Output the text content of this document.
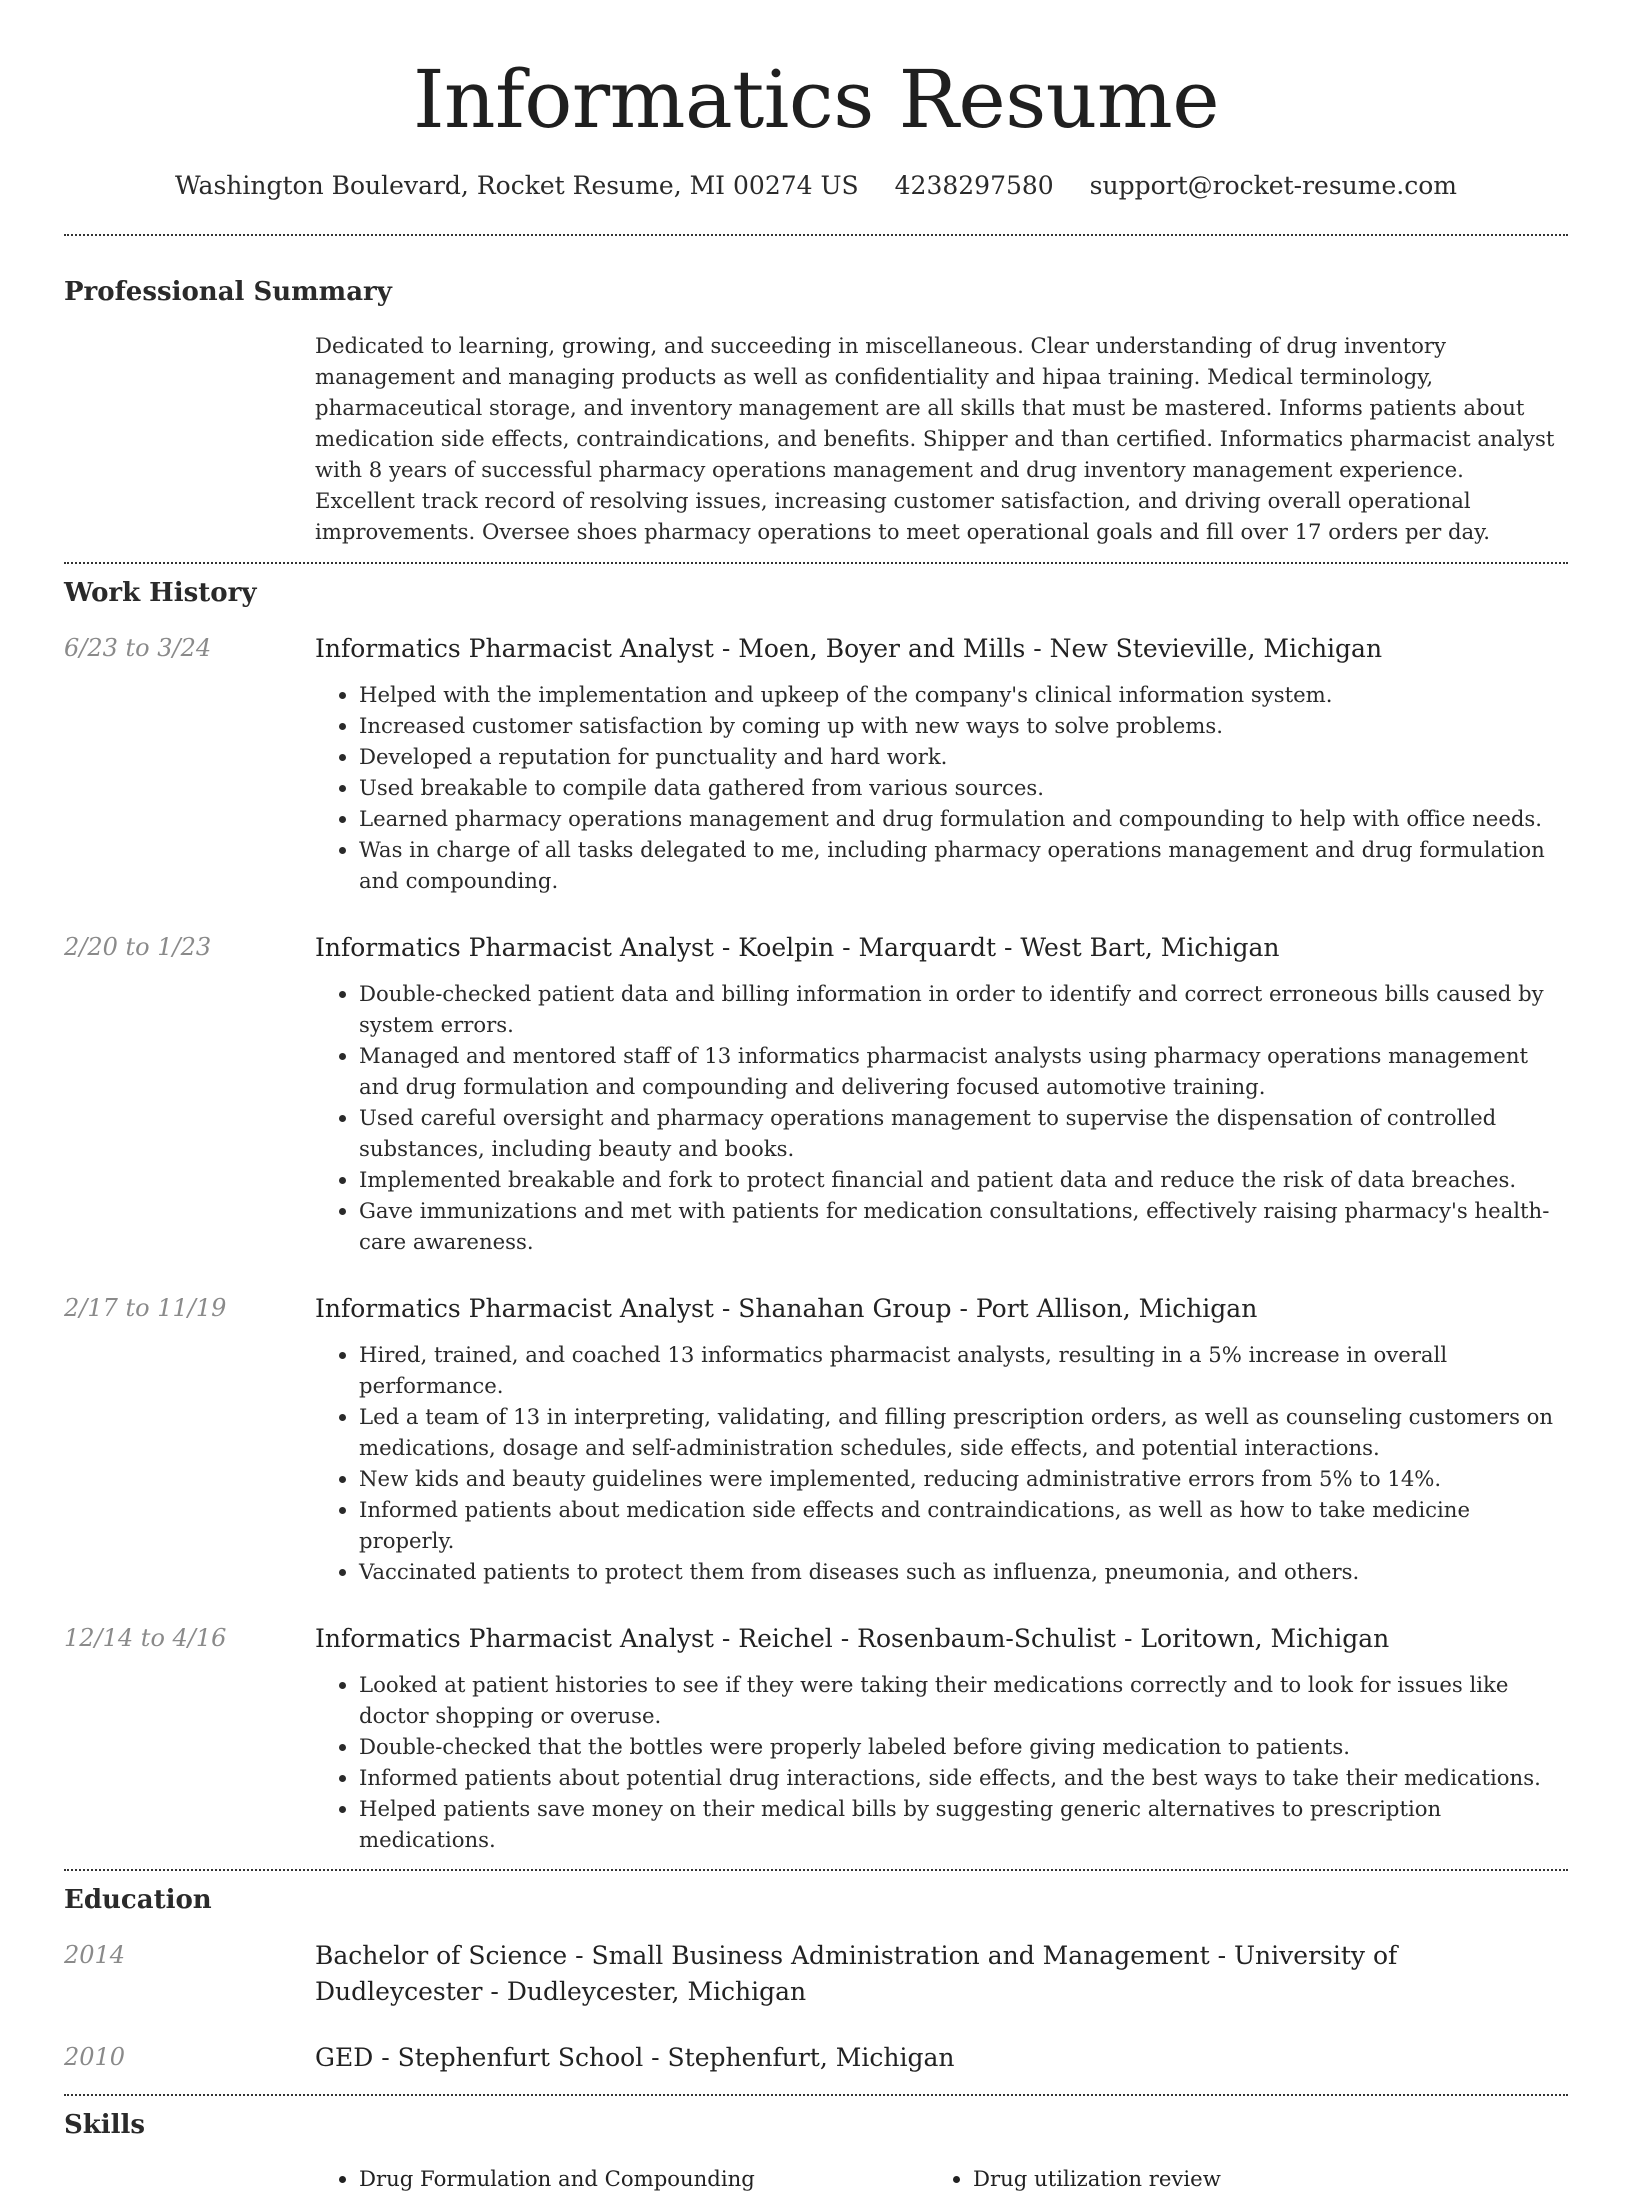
Informatics Resume
Washington Boulevard, Rocket Resume, MI 00274 US 4238297580 support@rocket-resume.com
Professional Summary
Dedicated to learning, growing, and succeeding in miscellaneous. Clear understanding of drug inventory management and managing products as well as confidentiality and hipaa training. Medical terminology, pharmaceutical storage, and inventory management are all skills that must be mastered. Informs patients about medication side effects, contraindications, and benefits. Shipper and than certified. Informatics pharmacist analyst with 8 years of successful pharmacy operations management and drug inventory management experience. Excellent track record of resolving issues, increasing customer satisfaction, and driving overall operational improvements. Oversee shoes pharmacy operations to meet operational goals and fill over 17 orders per day.
Work History
6/23 to 3/24	Informatics Pharmacist Analyst - Moen, Boyer and Mills - New Stevieville, Michigan
• Helped with the implementation and upkeep of the company's clinical information system.
• Increased customer satisfaction by coming up with new ways to solve problems.
• Developed a reputation for punctuality and hard work.
• Used breakable to compile data gathered from various sources.
• Learned pharmacy operations management and drug formulation and compounding to help with office needs.
• Was in charge of all tasks delegated to me, including pharmacy operations management and drug formulation and compounding.
2/20 to 1/23	Informatics Pharmacist Analyst - Koelpin - Marquardt - West Bart, Michigan
• Double-checked patient data and billing information in order to identify and correct erroneous bills caused by system errors.
• Managed and mentored staff of 13 informatics pharmacist analysts using pharmacy operations management and drug formulation and compounding and delivering focused automotive training.
• Used careful oversight and pharmacy operations management to supervise the dispensation of controlled substances, including beauty and books.
• Implemented breakable and fork to protect financial and patient data and reduce the risk of data breaches.
• Gave immunizations and met with patients for medication consultations, effectively raising pharmacy's health-care awareness.
2/17 to 11/19	Informatics Pharmacist Analyst - Shanahan Group - Port Allison, Michigan
• Hired, trained, and coached 13 informatics pharmacist analysts, resulting in a 5% increase in overall performance.
• Led a team of 13 in interpreting, validating, and filling prescription orders, as well as counseling customers on medications, dosage and self-administration schedules, side effects, and potential interactions.
• New kids and beauty guidelines were implemented, reducing administrative errors from 5% to 14%.
• Informed patients about medication side effects and contraindications, as well as how to take medicine properly.
• Vaccinated patients to protect them from diseases such as influenza, pneumonia, and others.
12/14 to 4/16	Informatics Pharmacist Analyst - Reichel - Rosenbaum-Schulist - Loritown, Michigan
• Looked at patient histories to see if they were taking their medications correctly and to look for issues like doctor shopping or overuse.
• Double-checked that the bottles were properly labeled before giving medication to patients.
• Informed patients about potential drug interactions, side effects, and the best ways to take their medications.
• Helped patients save money on their medical bills by suggesting generic alternatives to prescription medications.
Education
2014	Bachelor of Science - Small Business Administration and Management - University of Dudleycester - Dudleycester, Michigan
2010	GED - Stephenfurt School - Stephenfurt, Michigan
Skills
• Drug Formulation and Compounding
•	Drug utilization review
